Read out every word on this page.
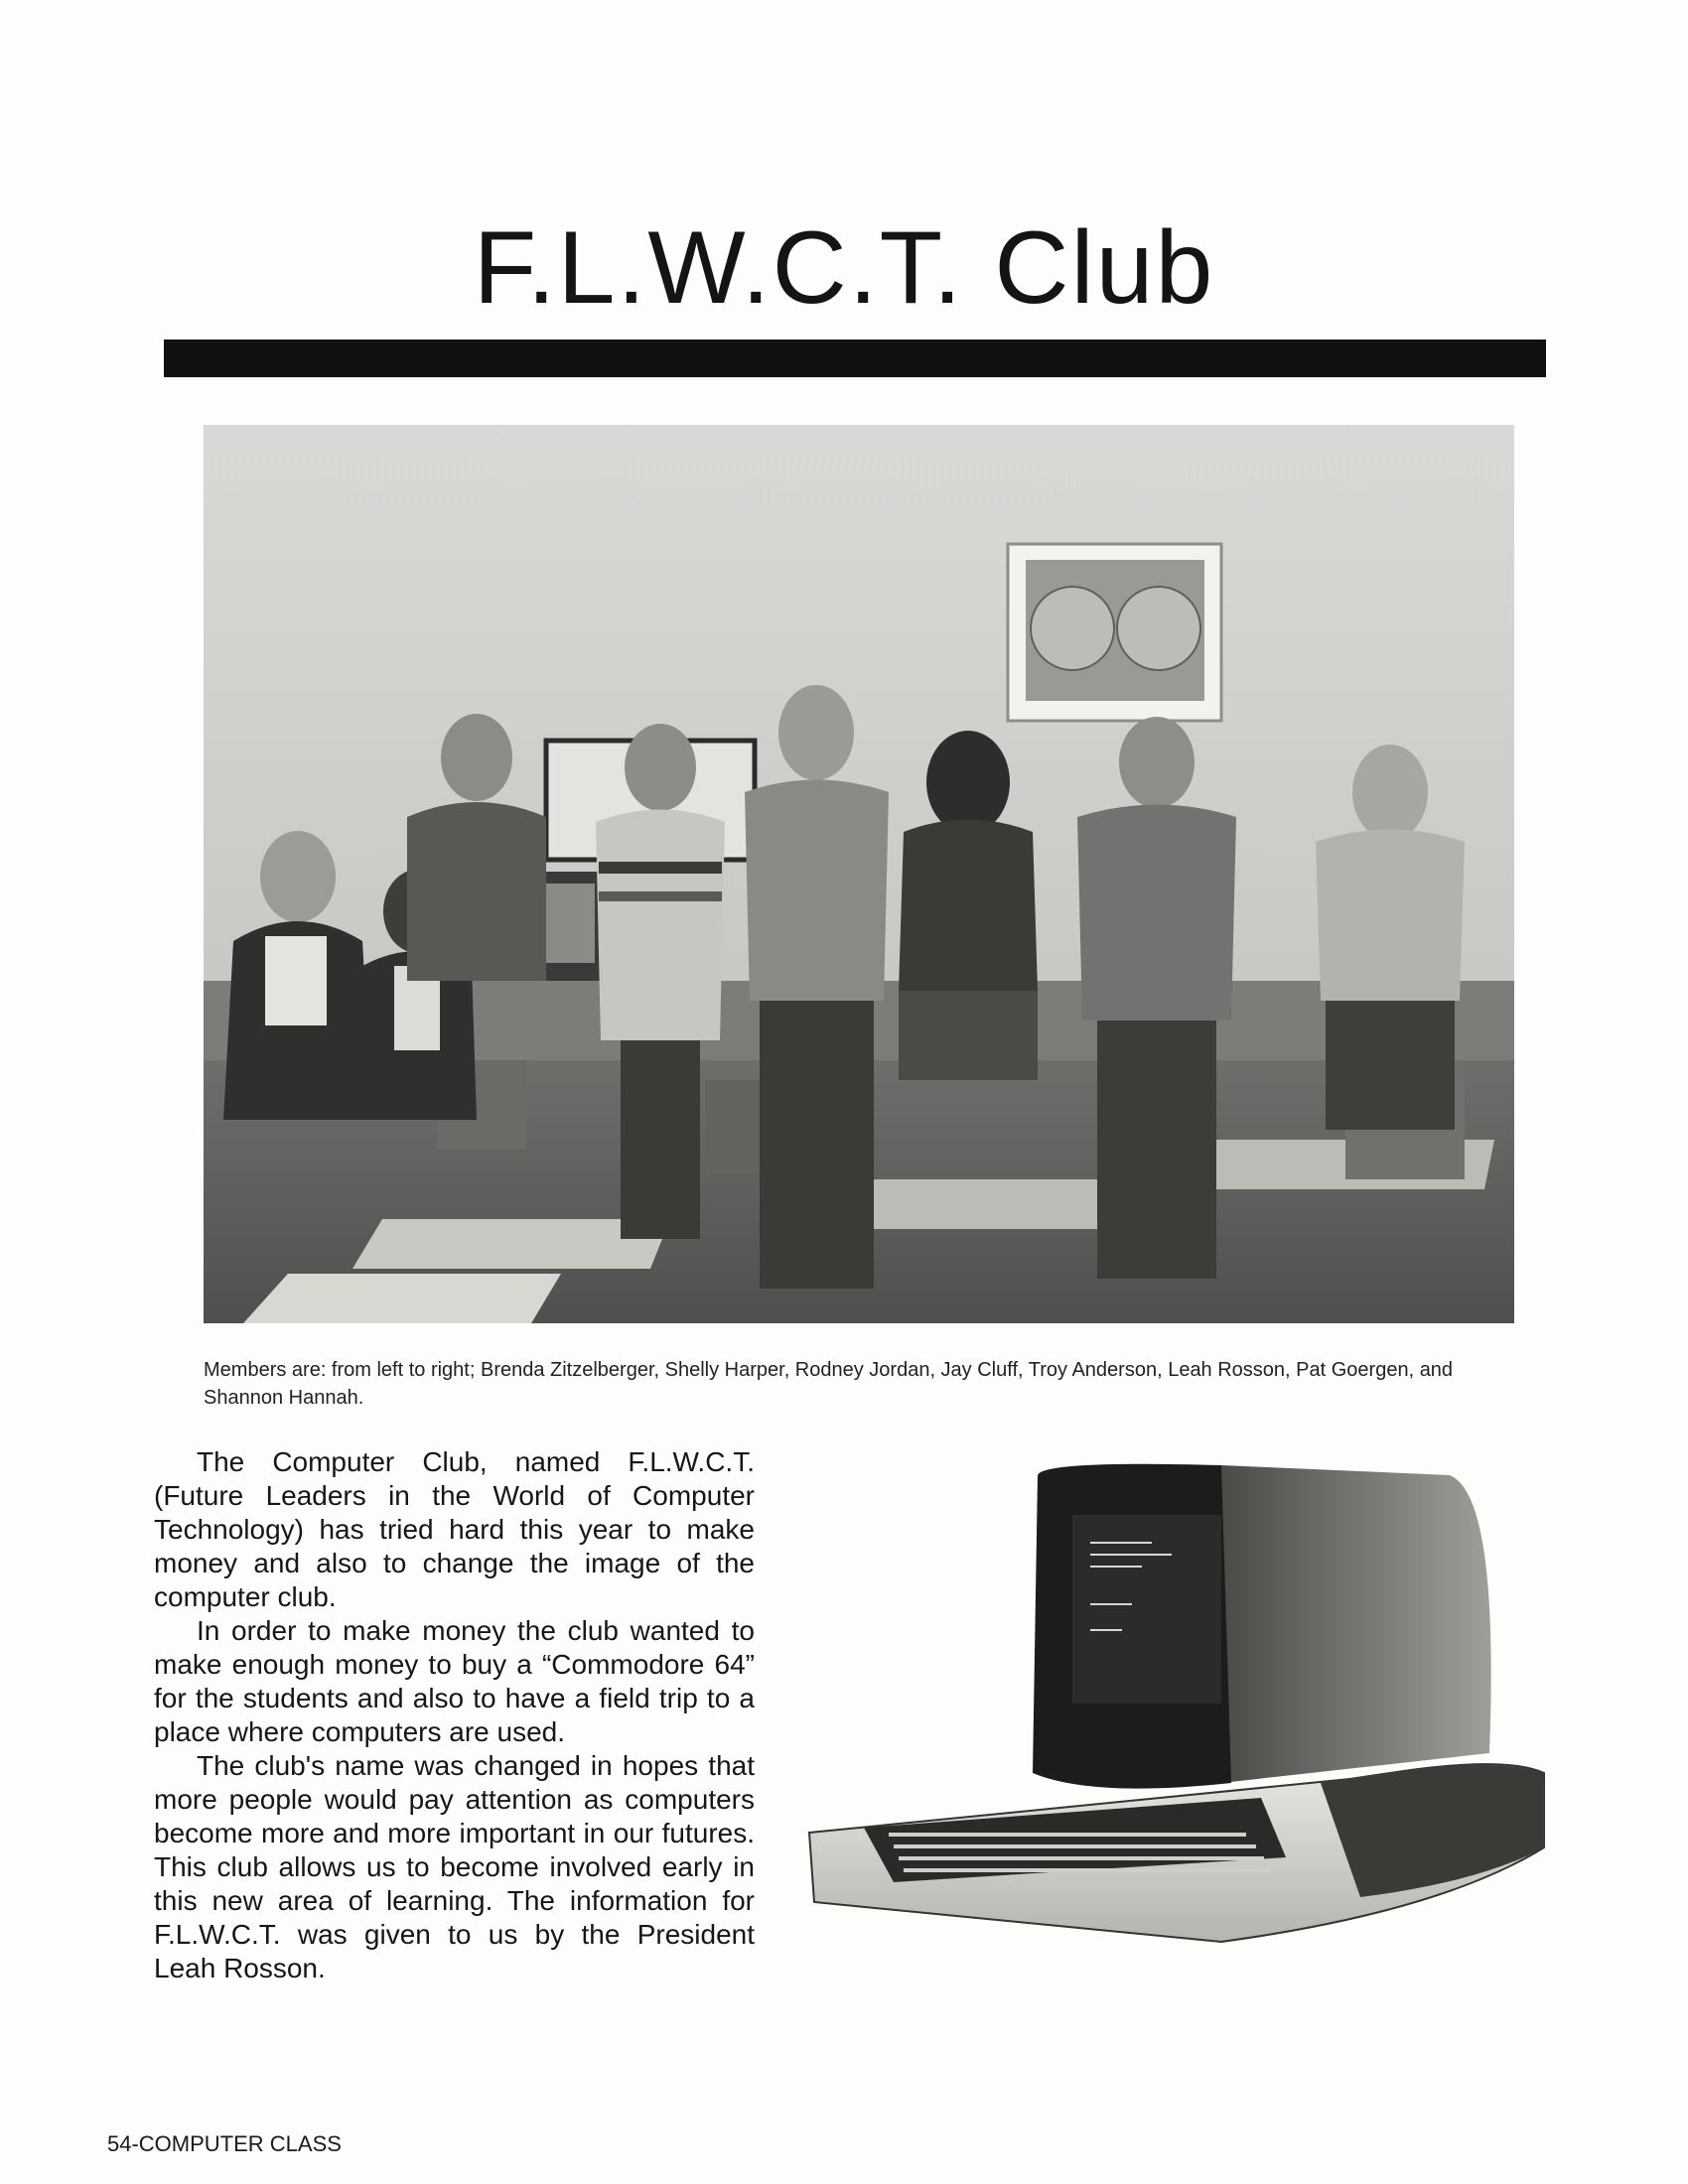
F.L.W.C.T. Club

Members are: from left to right; Brenda Zitzelberger, Shelly Harper, Rodney Jordan, Jay Cluff, Troy Anderson, Leah Rosson, Pat Goergen, and Shannon Hannah.

The Computer Club, named F.L.W.C.T. (Future Leaders in the World of Computer Technology) has tried hard this year to make money and also to change the image of the computer club.

In order to make money the club wanted to make enough money to buy a “Commodore 64” for the students and also to have a field trip to a place where computers are used.

The club's name was changed in hopes that more people would pay attention as computers become more and more important in our futures. This club allows us to become involved early in this new area of learning. The information for F.L.W.C.T. was given to us by the President Leah Rosson.

54-COMPUTER CLASS
